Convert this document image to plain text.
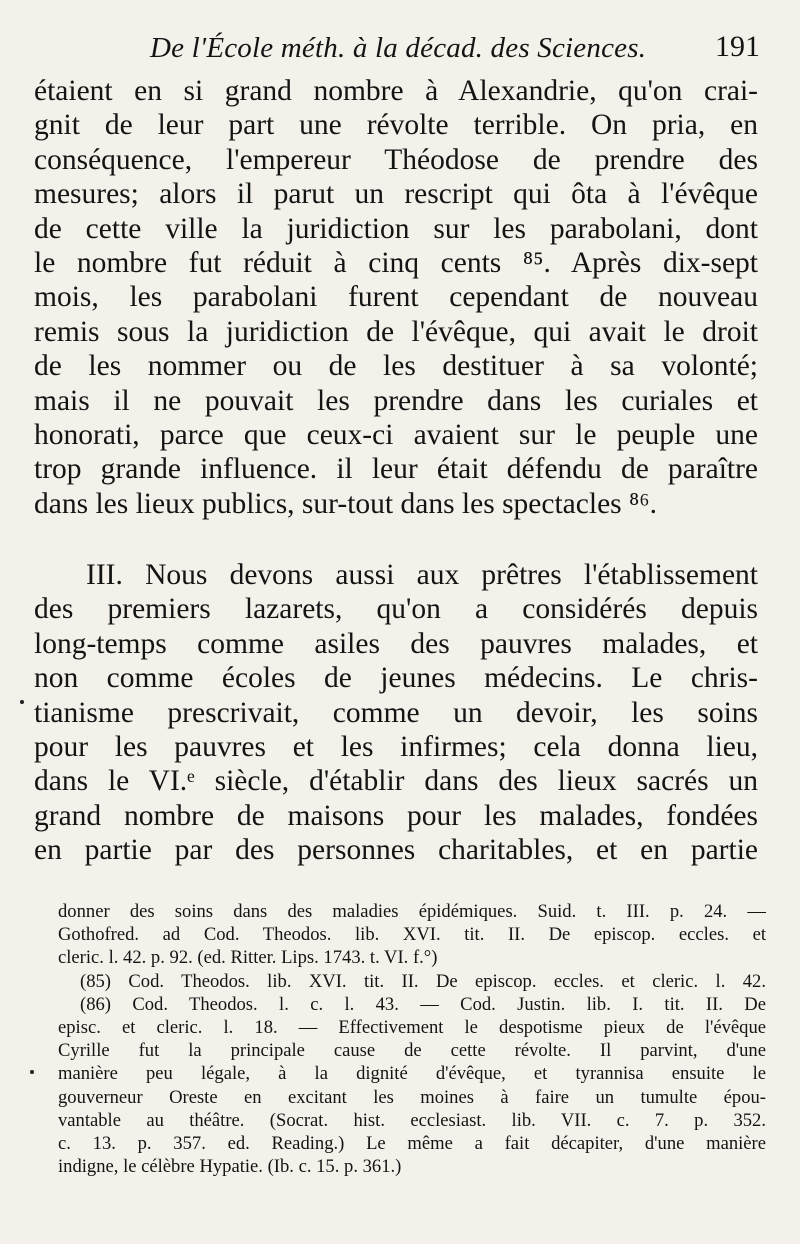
De l'École méth. à la décad. des Sciences. 191
étaient en si grand nombre à Alexandrie, qu'on crai-
gnit de leur part une révolte terrible. On pria, en
conséquence, l'empereur Théodose de prendre des
mesures; alors il parut un rescript qui ôta à l'évêque
de cette ville la juridiction sur les parabolani, dont
le nombre fut réduit à cinq cents ⁸⁵. Après dix-sept
mois, les parabolani furent cependant de nouveau
remis sous la juridiction de l'évêque, qui avait le droit
de les nommer ou de les destituer à sa volonté;
mais il ne pouvait les prendre dans les curiales et
honorati, parce que ceux-ci avaient sur le peuple une
trop grande influence. il leur était défendu de paraître
dans les lieux publics, sur-tout dans les spectacles ⁸⁶.
III. Nous devons aussi aux prêtres l'établissement
des premiers lazarets, qu'on a considérés depuis
long-temps comme asiles des pauvres malades, et
non comme écoles de jeunes médecins. Le chris-
tianisme prescrivait, comme un devoir, les soins
pour les pauvres et les infirmes; cela donna lieu,
dans le VI.ᵉ siècle, d'établir dans des lieux sacrés un
grand nombre de maisons pour les malades, fondées
en partie par des personnes charitables, et en partie
donner des soins dans des maladies épidémiques. Suid. t. III. p. 24. —
Gothofred. ad Cod. Theodos. lib. XVI. tit. II. De episcop. eccles. et
cleric. l. 42. p. 92. (ed. Ritter. Lips. 1743. t. VI. f.°)
(85) Cod. Theodos. lib. XVI. tit. II. De episcop. eccles. et cleric. l. 42.
(86) Cod. Theodos. l. c. l. 43. — Cod. Justin. lib. I. tit. II. De
episc. et cleric. l. 18. — Effectivement le despotisme pieux de l'évêque
Cyrille fut la principale cause de cette révolte. Il parvint, d'une
manière peu légale, à la dignité d'évêque, et tyrannisa ensuite le
gouverneur Oreste en excitant les moines à faire un tumulte épou-
vantable au théâtre. (Socrat. hist. ecclesiast. lib. VII. c. 7. p. 352.
c. 13. p. 357. ed. Reading.) Le même a fait décapiter, d'une manière
indigne, le célèbre Hypatie. (Ib. c. 15. p. 361.)
